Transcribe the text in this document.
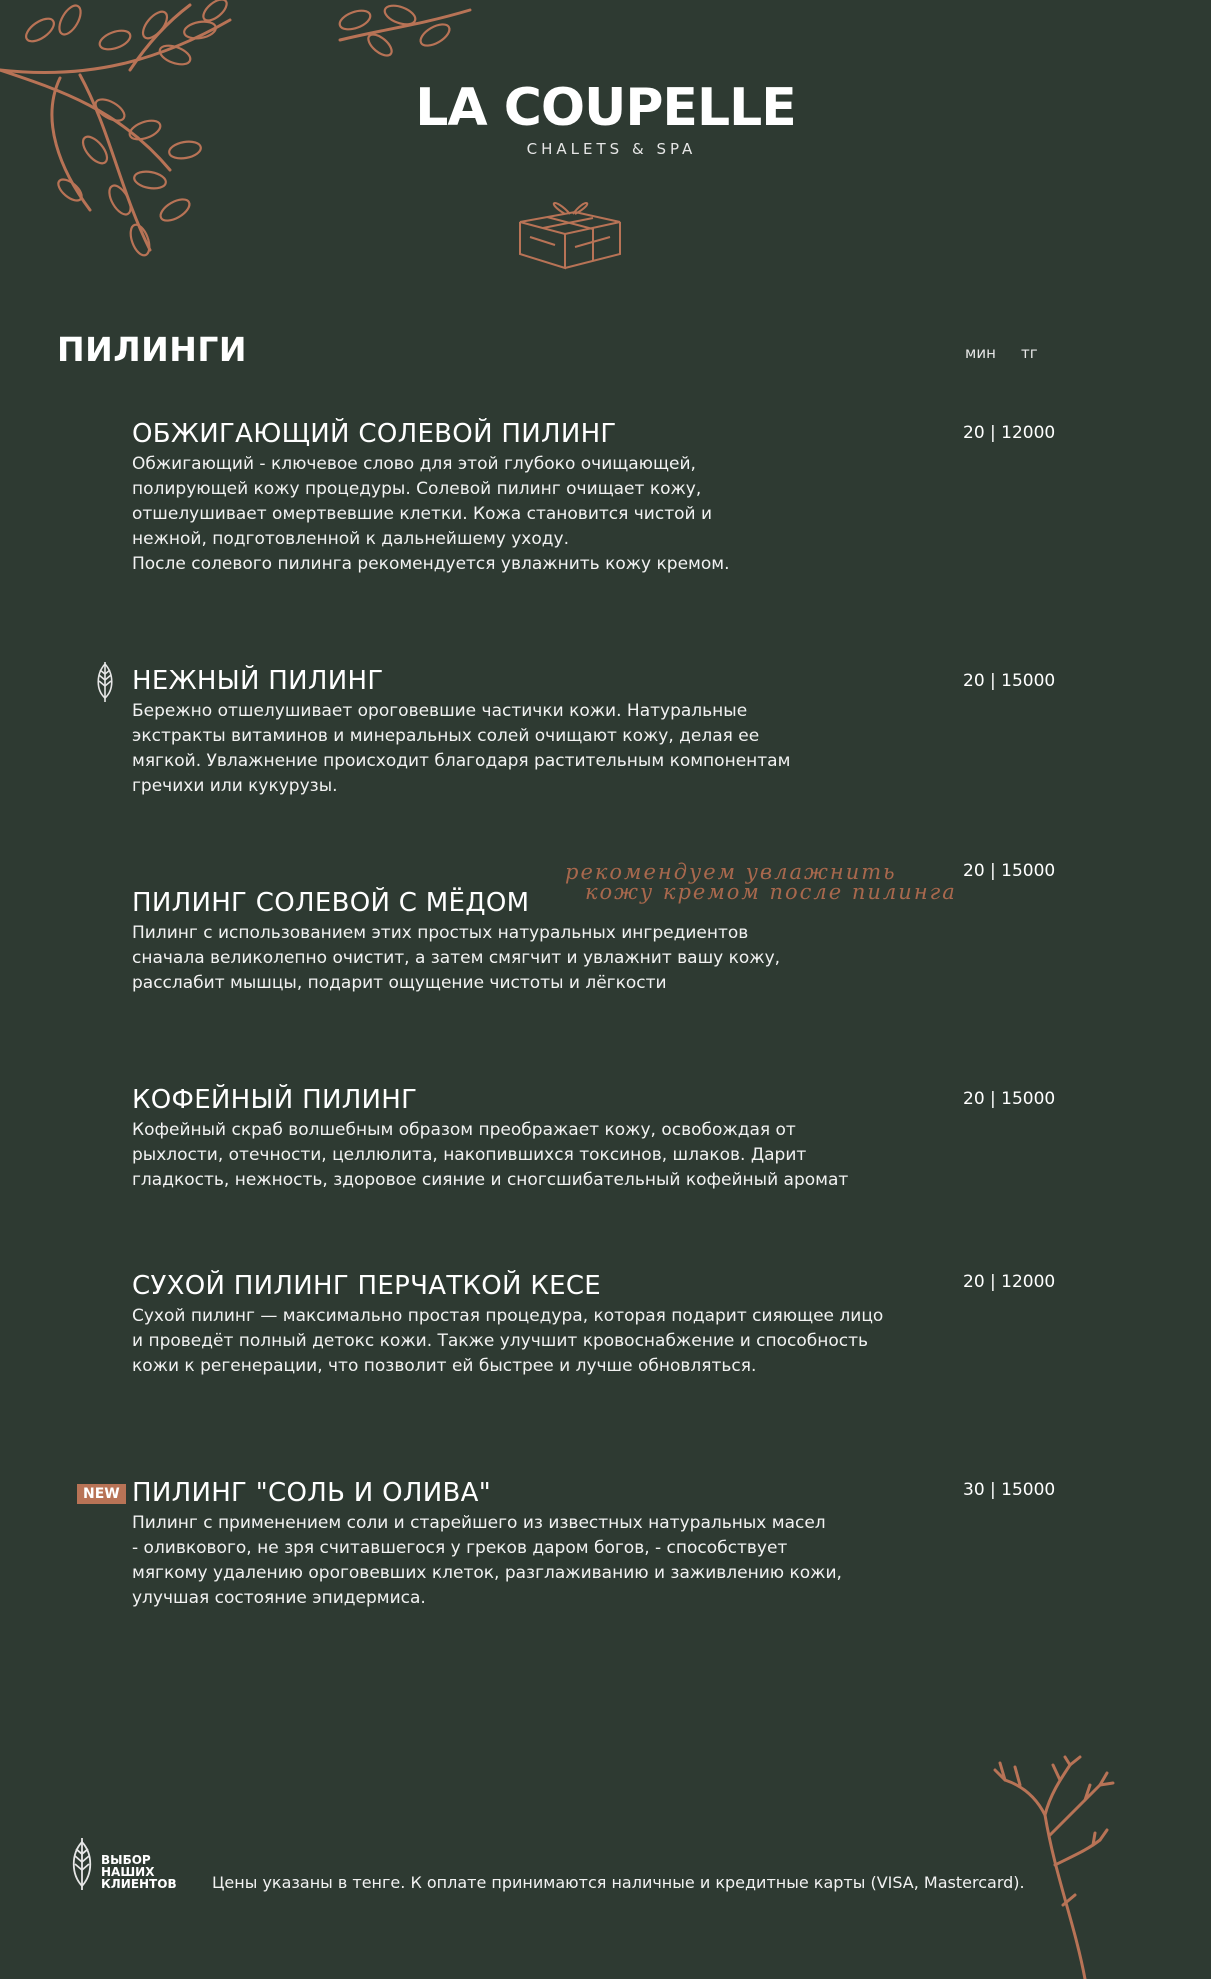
LA COUPELLE
CHALETS & SPA
ПИЛИНГИ	мин тг
ОБЖИГАЮЩИЙ СОЛЕВОЙ ПИЛИНГ
Обжигающий - ключевое слово для этой глубоко очищающей,
полирующей кожу процедуры. Солевой пилинг очищает кожу,
отшелушивает омертвевшие клетки. Кожа становится чистой и
нежной, подготовленной к дальнейшему уходу.
После солевого пилинга рекомендуется увлажнить кожу кремом.
20 | 12000
НЕЖНЫЙ ПИЛИНГ
Бережно отшелушивает ороговевшие частички кожи. Натуральные
экстракты витаминов и минеральных солей очищают кожу, делая ее
мягкой. Увлажнение происходит благодаря растительным компонентам
гречихи или кукурузы.
20 | 15000
20 | 15000
рекомендуем увлажнить
кожу кремом после пилинга
ПИЛИНГ СОЛЕВОЙ С МЁДОМ
Пилинг с использованием этих простых натуральных ингредиентов
сначала великолепно очистит, а затем смягчит и увлажнит вашу кожу,
расслабит мышцы, подарит ощущение чистоты и лёгкости
КОФЕЙНЫЙ ПИЛИНГ
Кофейный скраб волшебным образом преображает кожу, освобождая от
рыхлости, отечности, целлюлита, накопившихся токсинов, шлаков. Дарит
гладкость, нежность, здоровое сияние и сногсшибательный кофейный аромат
20 | 15000
СУХОЙ ПИЛИНГ ПЕРЧАТКОЙ КЕСЕ
Сухой пилинг — максимально простая процедура, которая подарит сияющее лицо
и проведёт полный детокс кожи. Также улучшит кровоснабжение и способность
кожи к регенерации, что позволит ей быстрее и лучше обновляться.
20 | 12000
NEW ПИЛИНГ "СОЛЬ И ОЛИВА"
Пилинг с применением соли и старейшего из известных натуральных масел
- оливкового, не зря считавшегося у греков даром богов, - способствует
мягкому удалению ороговевших клеток, разглаживанию и заживлению кожи,
улучшая состояние эпидермиса.
30 | 15000
ВЫБОР
НАШИХ
КЛИЕНТОВ Цены указаны в тенге. К оплате принимаются наличные и кредитные карты (VISA, Mastercard).
